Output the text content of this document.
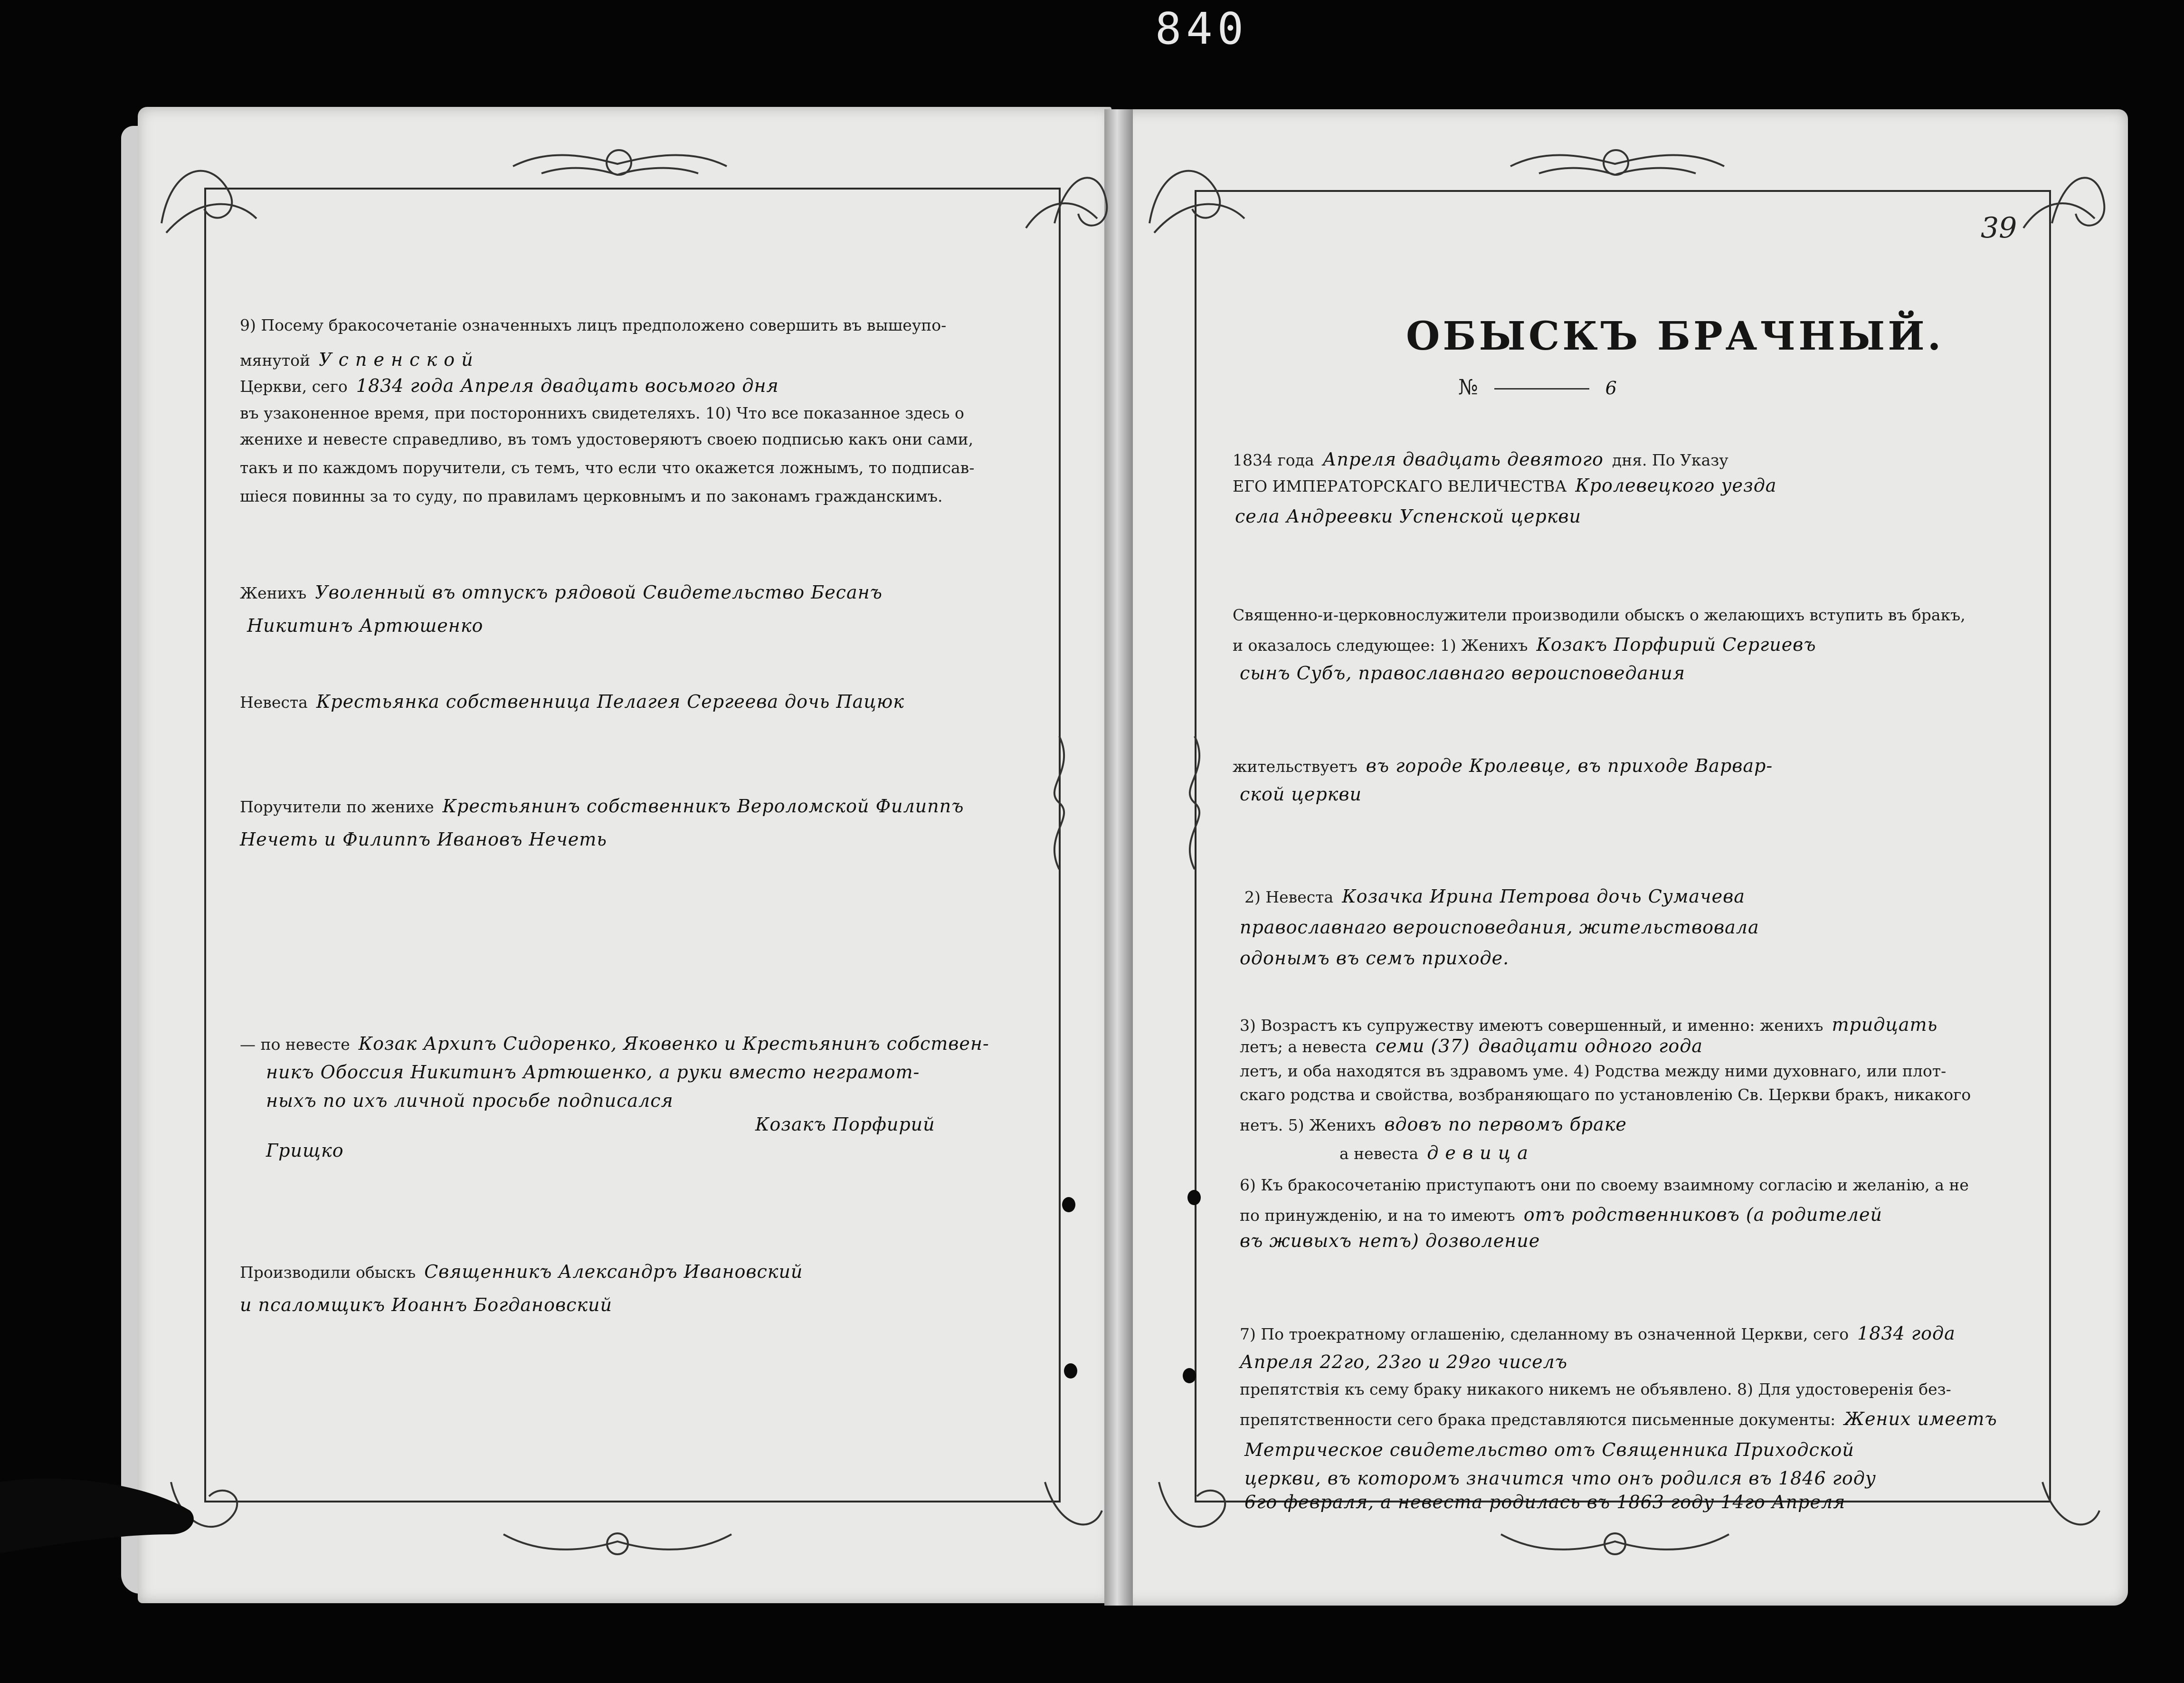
840
39
ОБЫСКЪ БРАЧНЫЙ.
№	6
9) Посему бракосочетаніе означенныхъ лицъ предположено совершить въ вышеупо-
мянутой У с п е н с к о й
Церкви, сего 1834 года Апреля двадцать восьмого дня
въ узаконенное время, при постороннихъ свидетеляхъ. 10) Что все показанное здесь о
женихе и невесте справедливо, въ томъ удостоверяютъ своею подписью какъ они сами,
такъ и по каждомъ поручители, съ темъ, что если что окажется ложнымъ, то подписав-
шіеся повинны за то суду, по правиламъ церковнымъ и по законамъ гражданскимъ.
Женихъ Уволенный въ отпускъ рядовой Свидетельство Бесанъ
Никитинъ Артюшенко
Невеста Крестьянка собственница Пелагея Сергеева дочь Пацюк
Поручители по женихе Крестьянинъ собственникъ Вероломской Филиппъ
Нечеть и Филиппъ Ивановъ Нечеть
— по невесте Козак Архипъ Сидоренко, Яковенко и Крестьянинъ собствен-
никъ Обоссия Никитинъ Артюшенко, а руки вместо неграмот-
ныхъ по ихъ личной просьбе подписался
Козакъ Порфирий
Грищко
Производили обыскъ Священникъ Александръ Ивановский
и псаломщикъ Иоаннъ Богдановский
1834 года Апреля двадцать девятого дня. По Указу
ЕГО ИМПЕРАТОРСКАГО ВЕЛИЧЕСТВА Кролевецкого уезда
села Андреевки Успенской церкви
Священно-и-церковнослужители производили обыскъ о желающихъ вступить въ бракъ,
и оказалось следующее: 1) Женихъ Козакъ Порфирий Сергиевъ
сынъ Субъ, православнаго вероисповедания
жительствуетъ въ городе Кролевце, въ приходе Варвар-
ской церкви
2) Невеста Козачка Ирина Петрова дочь Сумачева
православнаго вероисповедания, жительствовала
одонымъ въ семъ приходе.
3) Возрастъ къ супружеству имеютъ совершенный, и именно: женихъ тридцать
летъ; а невеста семи (37) двадцати одного года
летъ, и оба находятся въ здравомъ уме. 4) Родства между ними духовнаго, или плот-
скаго родства и свойства, возбраняющаго по установленію Св. Церкви бракъ, никакого
нетъ. 5) Женихъ вдовъ по первомъ браке
а невеста д е в и ц а
6) Къ бракосочетанію приступаютъ они по своему взаимному согласію и желанію, а не
по принужденію, и на то имеютъ отъ родственниковъ (а родителей
въ живыхъ нетъ) дозволение
7) По троекратному оглашенію, сделанному въ означенной Церкви, сего 1834 года
Апреля 22го, 23го и 29го чиселъ
препятствія къ сему браку никакого никемъ не объявлено. 8) Для удостоверенія без-
препятственности сего брака представляются письменные документы: Жених имеетъ
Метрическое свидетельство отъ Священника Приходской
церкви, въ которомъ значится что онъ родился въ 1846 году
6го февраля, а невеста родилась въ 1863 году 14го Апреля
